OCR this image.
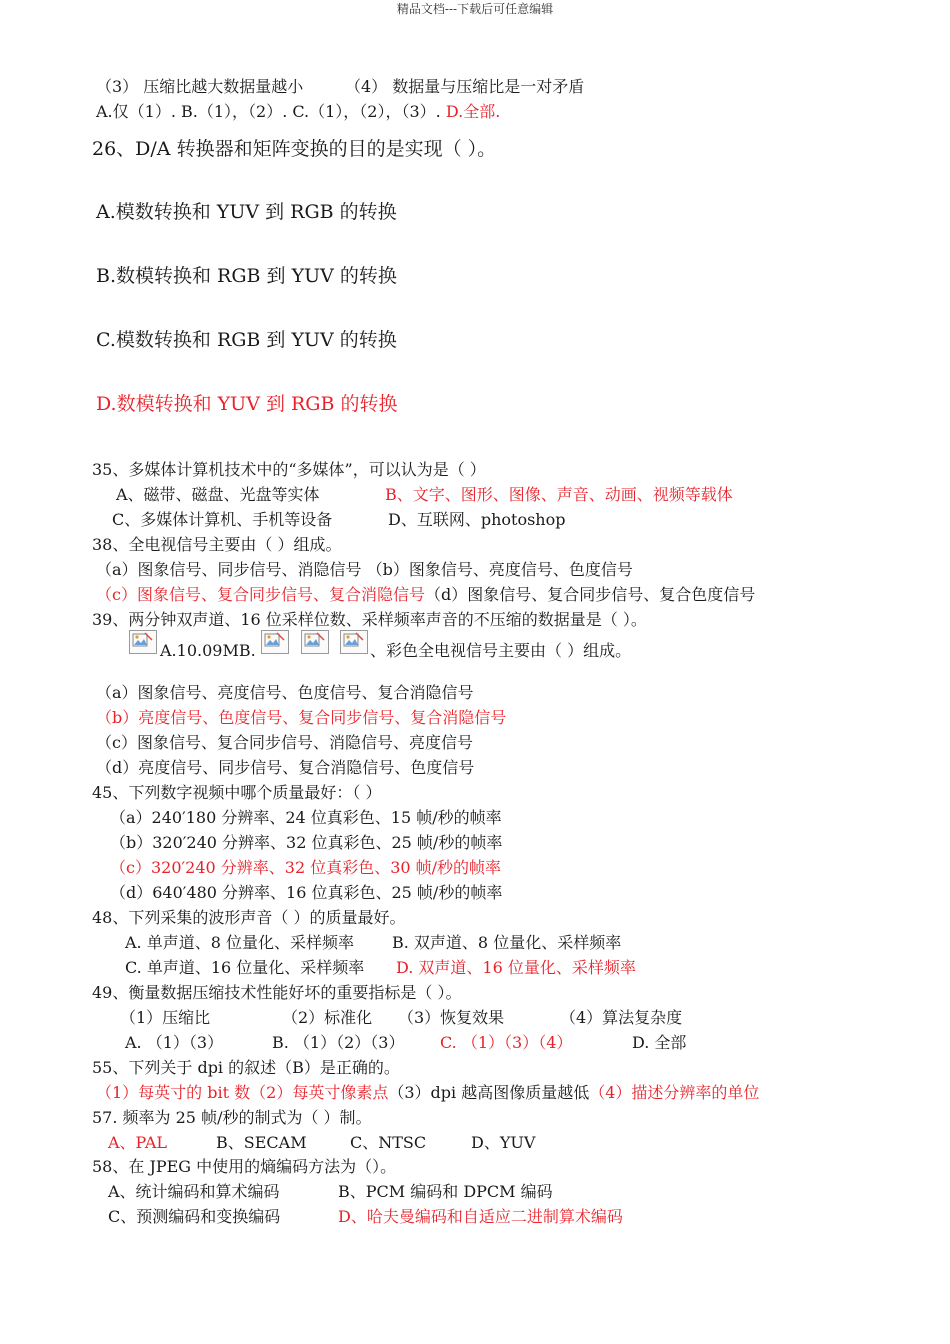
精品文档---下载后可任意编辑
（3） 压缩比越大数据量越小	（4） 数据量与压缩比是一对矛盾
A.仅（1）. B.（1），（2）. C.（1），（2），（3）. D.全部.
26、D/A 转换器和矩阵变换的目的是实现（ ）。
A.模数转换和 YUV 到 RGB 的转换
B.数模转换和 RGB 到 YUV 的转换
C.模数转换和 RGB 到 YUV 的转换
D.数模转换和 YUV 到 RGB 的转换
35、多媒体计算机技术中的“多媒体”，可以认为是（ ）
A、磁带、磁盘、光盘等实体	B、文字、图形、图像、声音、动画、视频等载体
C、多媒体计算机、手机等设备	D、互联网、photoshop
38、全电视信号主要由（ ）组成。
（a）图象信号、同步信号、消隐信号 （b）图象信号、亮度信号、色度信号
（c）图象信号、复合同步信号、复合消隐信号（d）图象信号、复合同步信号、复合色度信号
39、两分钟双声道、16 位采样位数、采样频率声音的不压缩的数据量是（ ）。
A.10.09MB.	、彩色全电视信号主要由（ ）组成。
（a）图象信号、亮度信号、色度信号、复合消隐信号
（b）亮度信号、色度信号、复合同步信号、复合消隐信号
（c）图象信号、复合同步信号、消隐信号、亮度信号
（d）亮度信号、同步信号、复合消隐信号、色度信号
45、下列数字视频中哪个质量最好：（ ）
（a）240′180 分辨率、24 位真彩色、15 帧/秒的帧率
（b）320′240 分辨率、32 位真彩色、25 帧/秒的帧率
（c）320′240 分辨率、32 位真彩色、30 帧/秒的帧率
（d）640′480 分辨率、16 位真彩色、25 帧/秒的帧率
48、下列采集的波形声音（ ）的质量最好。
A. 单声道、8 位量化、采样频率 B. 双声道、8 位量化、采样频率
C. 单声道、16 位量化、采样频率 D. 双声道、16 位量化、采样频率
49、衡量数据压缩技术性能好坏的重要指标是（ ）。
（1）压缩比	（2）标准化 （3）恢复效果	（4）算法复杂度
A. （1）（3）	B. （1）（2）（3） C. （1）（3）（4）	D. 全部
55、下列关于 dpi 的叙述（B）是正确的。
（1）每英寸的 bit 数（2）每英寸像素点（3）dpi 越高图像质量越低（4）描述分辨率的单位
57. 频率为 25 帧/秒的制式为（ ）制。
A、PAL	B、SECAM	C、NTSC	D、YUV
58、在 JPEG 中使用的熵编码方法为（）。
A、统计编码和算术编码	B、PCM 编码和 DPCM 编码
C、预测编码和变换编码	D、哈夫曼编码和自适应二进制算术编码
